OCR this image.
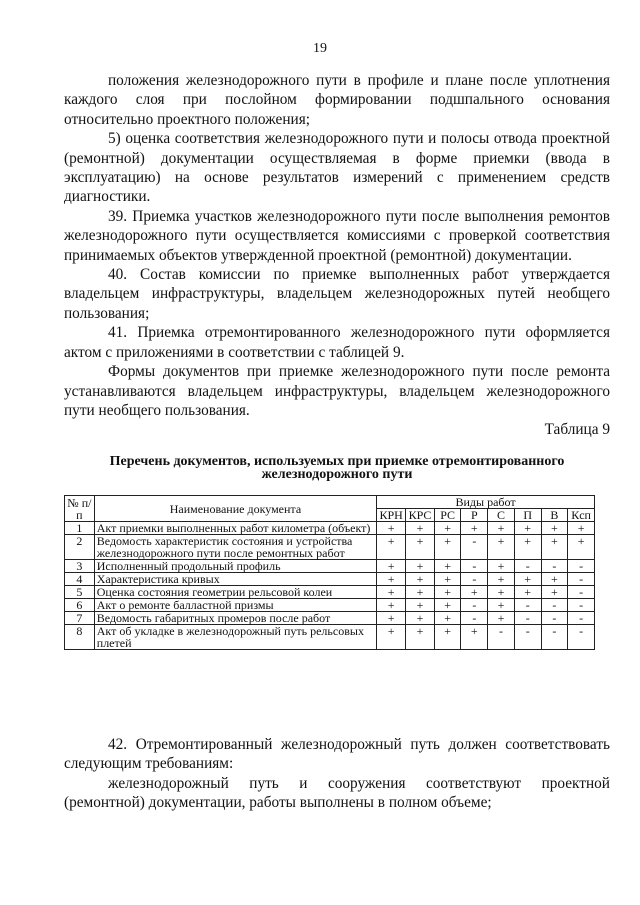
19

положения железнодорожного пути в профиле и плане после уплотнения каждого слоя при послойном формировании подшпального основания относительно проектного положения;

5) оценка соответствия железнодорожного пути и полосы отвода проектной (ремонтной) документации осуществляемая в форме приемки (ввода в эксплуатацию) на основе результатов измерений с применением средств диагностики.

39. Приемка участков железнодорожного пути после выполнения ремонтов железнодорожного пути осуществляется комиссиями с проверкой соответствия принимаемых объектов утвержденной проектной (ремонтной) документации.

40. Состав комиссии по приемке выполненных работ утверждается владельцем инфраструктуры, владельцем железнодорожных путей необщего пользования;

41. Приемка отремонтированного железнодорожного пути оформляется актом с приложениями в соответствии с таблицей 9.

Формы документов при приемке железнодорожного пути после ремонта устанавливаются владельцем инфраструктуры, владельцем железнодорожного пути необщего пользования.

Таблица 9
Перечень документов, используемых при приемке отремонтированного железнодорожного пути
№ п/п	Наименование документа	Виды работ							
		КРН	КРС	РС	Р	С	П	В	Кcп
1	Акт приемки выполненных работ километра (объект)	+	+	+	+	+	+	+	+
2	Ведомость характеристик состояния и устройства железнодорожного пути после ремонтных работ	+	+	+	-	+	+	+	+
3	Исполненный продольный профиль	+	+	+	-	+	-	-	-
4	Характеристика кривых	+	+	+	-	+	+	+	-
5	Оценка состояния геометрии рельсовой колеи	+	+	+	+	+	+	+	-
6	Акт о ремонте балластной призмы	+	+	+	-	+	-	-	-
7	Ведомость габаритных промеров после работ	+	+	+	-	+	-	-	-
8	Акт об укладке в железнодорожный путь рельсовых плетей	+	+	+	+	-	-	-	-

42. Отремонтированный железнодорожный путь должен соответствовать следующим требованиям:

железнодорожный путь и сооружения соответствуют проектной (ремонтной) документации, работы выполнены в полном объеме;
